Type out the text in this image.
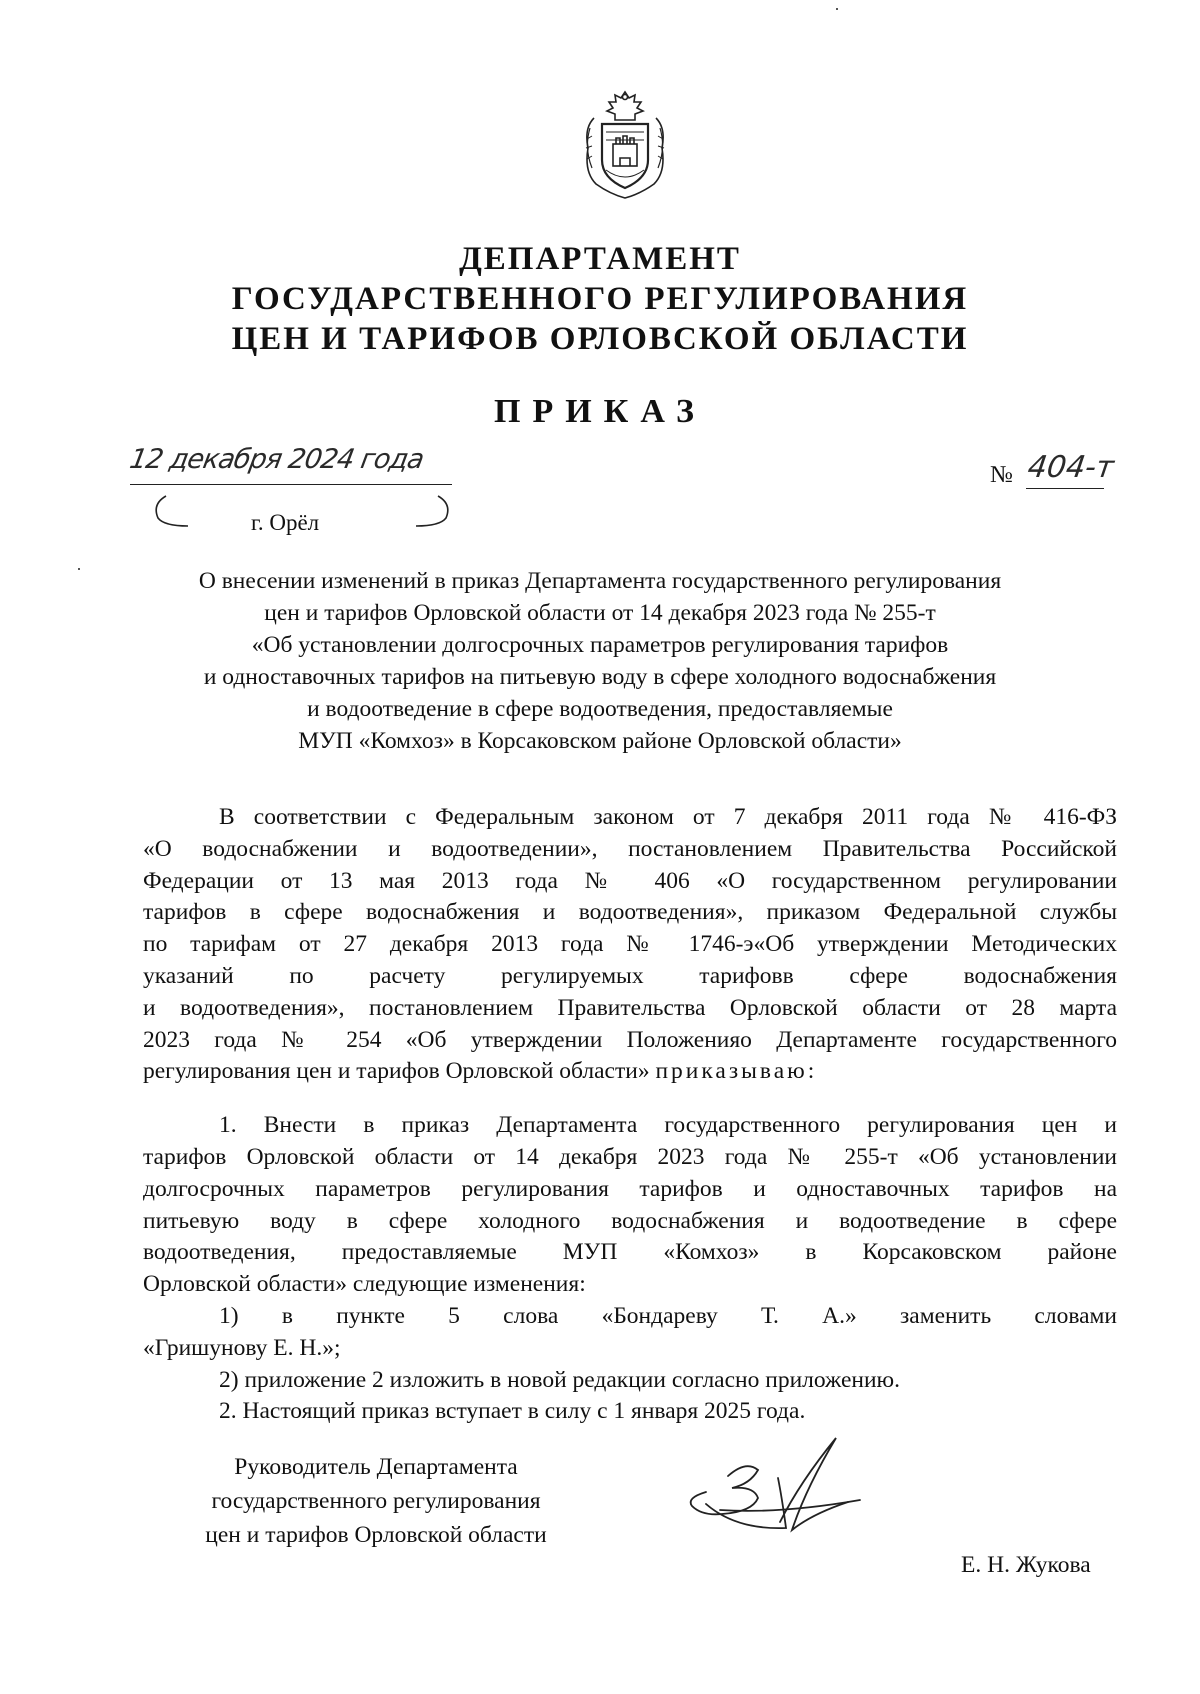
ДЕПАРТАМЕНТ
ГОСУДАРСТВЕННОГО РЕГУЛИРОВАНИЯ
ЦЕН И ТАРИФОВ ОРЛОВСКОЙ ОБЛАСТИ
ПРИКАЗ
12 декабря 2024 года
г. Орёл
№ 404-т
О внесении изменений в приказ Департамента государственного регулирования
цен и тарифов Орловской области от 14 декабря 2023 года № 255-т
«Об установлении долгосрочных параметров регулирования тарифов
и одноставочных тарифов на питьевую воду в сфере холодного водоснабжения
и водоотведение в сфере водоотведения, предоставляемые
МУП «Комхоз» в Корсаковском районе Орловской области»
В соответствии с Федеральным законом от 7 декабря 2011 года № 416-ФЗ
«О водоснабжении и водоотведении», постановлением Правительства Российской
Федерации от 13 мая 2013 года № 406 «О государственном регулировании
тарифов в сфере водоснабжения и водоотведения», приказом Федеральной службы
по тарифам от 27 декабря 2013 года № 1746-э«Об утверждении Методических
указаний по расчету регулируемых тарифовв сфере водоснабжения
и водоотведения», постановлением Правительства Орловской области от 28 марта
2023 года № 254 «Об утверждении Положенияо Департаменте государственного
регулирования цен и тарифов Орловской области» приказываю:
1. Внести в приказ Департамента государственного регулирования цен и
тарифов Орловской области от 14 декабря 2023 года № 255-т «Об установлении
долгосрочных параметров регулирования тарифов и одноставочных тарифов на
питьевую воду в сфере холодного водоснабжения и водоотведение в сфере
водоотведения, предоставляемые МУП «Комхоз» в Корсаковском районе
Орловской области» следующие изменения:
1) в пункте 5 слова «Бондареву Т. А.» заменить словами
«Гришунову Е. Н.»;
2) приложение 2 изложить в новой редакции согласно приложению.
2. Настоящий приказ вступает в силу с 1 января 2025 года.
Руководитель Департамента
государственного регулирования
цен и тарифов Орловской области
Е. Н. Жукова
